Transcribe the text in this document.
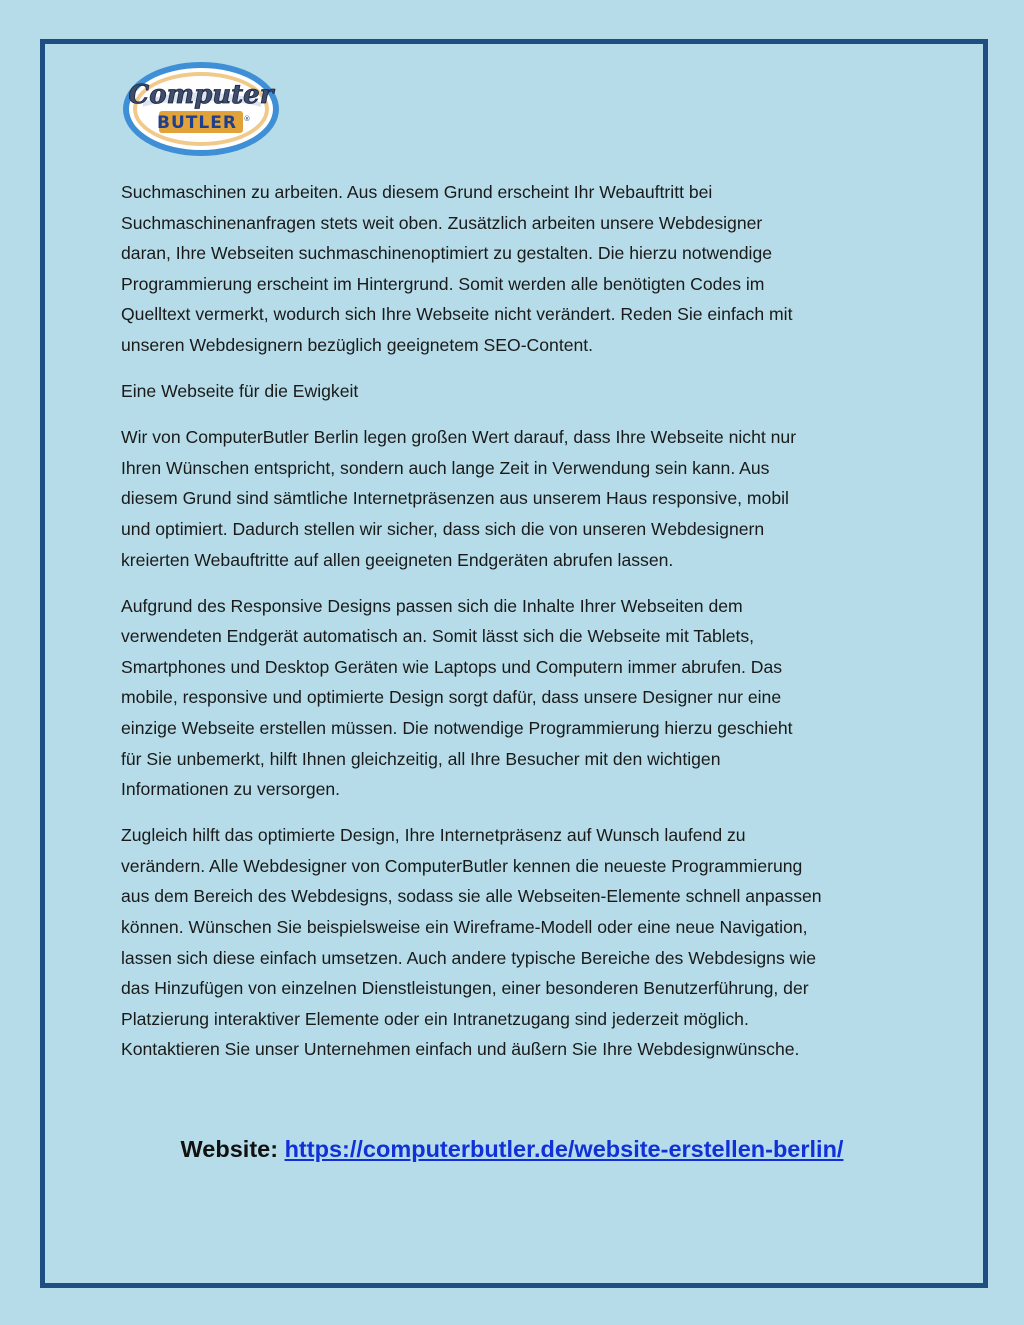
Computer
BUTLER ®

Suchmaschinen zu arbeiten. Aus diesem Grund erscheint Ihr Webauftritt bei
Suchmaschinenanfragen stets weit oben. Zusätzlich arbeiten unsere Webdesigner
daran, Ihre Webseiten suchmaschinenoptimiert zu gestalten. Die hierzu notwendige
Programmierung erscheint im Hintergrund. Somit werden alle benötigten Codes im
Quelltext vermerkt, wodurch sich Ihre Webseite nicht verändert. Reden Sie einfach mit
unseren Webdesignern bezüglich geeignetem SEO-Content.

Eine Webseite für die Ewigkeit

Wir von ComputerButler Berlin legen großen Wert darauf, dass Ihre Webseite nicht nur
Ihren Wünschen entspricht, sondern auch lange Zeit in Verwendung sein kann. Aus
diesem Grund sind sämtliche Internetpräsenzen aus unserem Haus responsive, mobil
und optimiert. Dadurch stellen wir sicher, dass sich die von unseren Webdesignern
kreierten Webauftritte auf allen geeigneten Endgeräten abrufen lassen.

Aufgrund des Responsive Designs passen sich die Inhalte Ihrer Webseiten dem
verwendeten Endgerät automatisch an. Somit lässt sich die Webseite mit Tablets,
Smartphones und Desktop Geräten wie Laptops und Computern immer abrufen. Das
mobile, responsive und optimierte Design sorgt dafür, dass unsere Designer nur eine
einzige Webseite erstellen müssen. Die notwendige Programmierung hierzu geschieht
für Sie unbemerkt, hilft Ihnen gleichzeitig, all Ihre Besucher mit den wichtigen
Informationen zu versorgen.

Zugleich hilft das optimierte Design, Ihre Internetpräsenz auf Wunsch laufend zu
verändern. Alle Webdesigner von ComputerButler kennen die neueste Programmierung
aus dem Bereich des Webdesigns, sodass sie alle Webseiten-Elemente schnell anpassen
können. Wünschen Sie beispielsweise ein Wireframe-Modell oder eine neue Navigation,
lassen sich diese einfach umsetzen. Auch andere typische Bereiche des Webdesigns wie
das Hinzufügen von einzelnen Dienstleistungen, einer besonderen Benutzerführung, der
Platzierung interaktiver Elemente oder ein Intranetzugang sind jederzeit möglich.
Kontaktieren Sie unser Unternehmen einfach und äußern Sie Ihre Webdesignwünsche.

Website: https://computerbutler.de/website-erstellen-berlin/
